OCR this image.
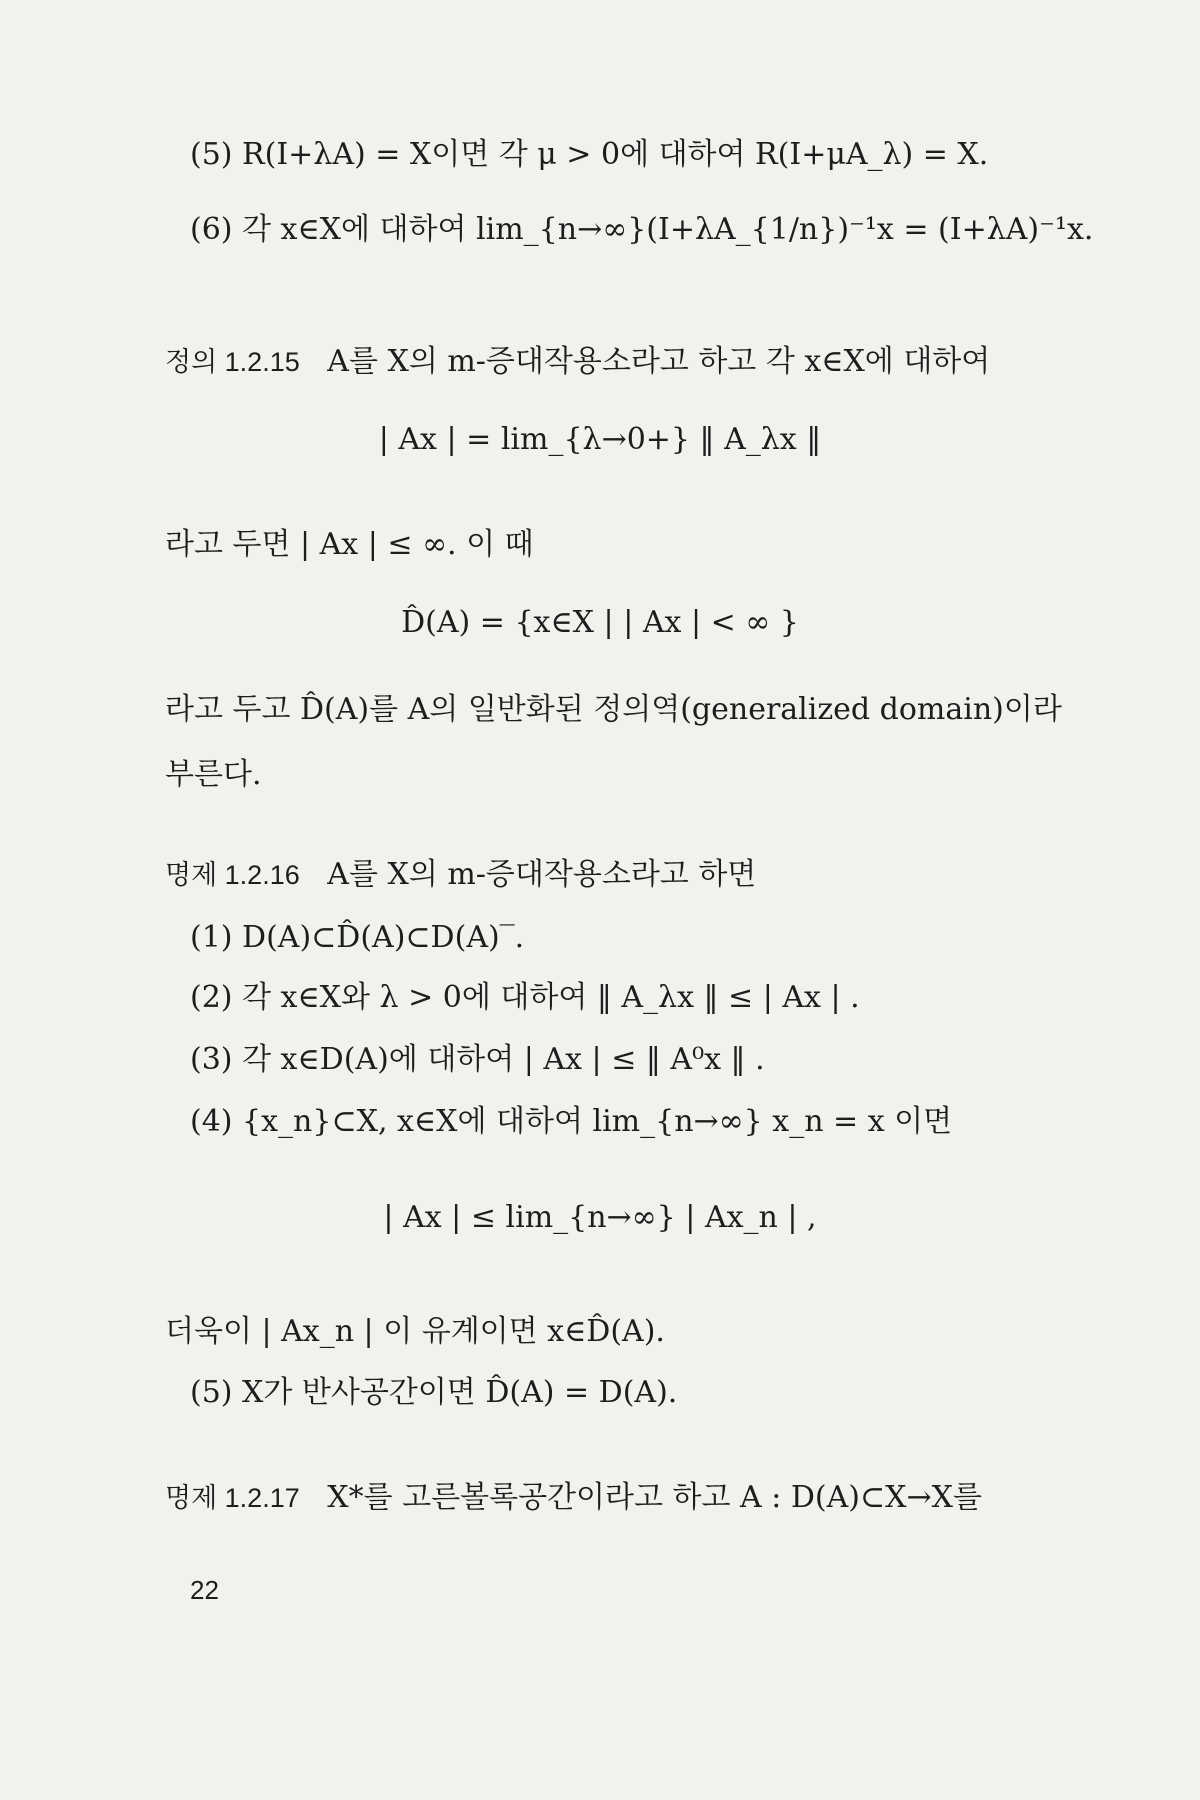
(5) R(I+λA) = X이면 각 μ > 0에 대하여 R(I+μA_λ) = X.
(6) 각 x∈X에 대하여 lim_{n→∞}(I+λA_{1/n})⁻¹x = (I+λA)⁻¹x.
정의 1.2.15 A를 X의 m-증대작용소라고 하고 각 x∈X에 대하여
| Ax | = lim_{λ→0+} ‖ A_λx ‖
라고 두면 | Ax | ≤ ∞. 이 때
D̂(A) = {x∈X | | Ax | < ∞ }
라고 두고 D̂(A)를 A의 일반화된 정의역(generalized domain)이라
부른다.
명제 1.2.16 A를 X의 m-증대작용소라고 하면
(1) D(A)⊂D̂(A)⊂D(A)‾.
(2) 각 x∈X와 λ > 0에 대하여 ‖ A_λx ‖ ≤ | Ax | .
(3) 각 x∈D(A)에 대하여 | Ax | ≤ ‖ A⁰x ‖ .
(4) {x_n}⊂X, x∈X에 대하여 lim_{n→∞} x_n = x 이면
| Ax | ≤ lim_{n→∞} | Ax_n | ,
더욱이 | Ax_n | 이 유계이면 x∈D̂(A).
(5) X가 반사공간이면 D̂(A) = D(A).
명제 1.2.17 X*를 고른볼록공간이라고 하고 A : D(A)⊂X→X를
22
